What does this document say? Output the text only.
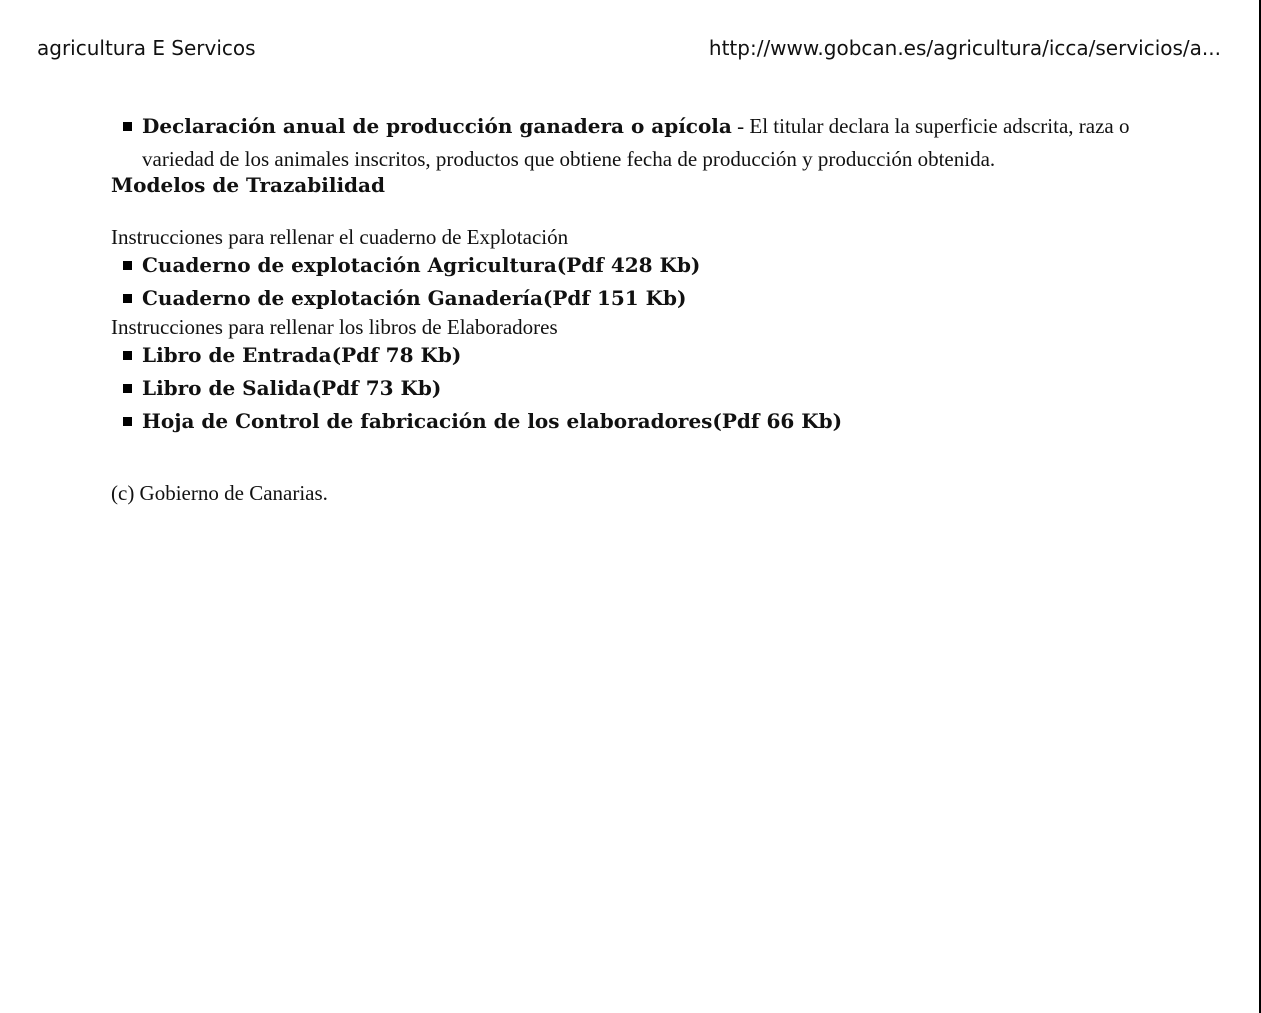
agricultura E Servicos	http://www.gobcan.es/agricultura/icca/servicios/a...
Declaración anual de producción ganadera o apícola - El titular declara la superficie adscrita, raza o variedad de los animales inscritos, productos que obtiene fecha de producción y producción obtenida.
Modelos de Trazabilidad
Instrucciones para rellenar el cuaderno de Explotación
Cuaderno de explotación Agricultura(Pdf 428 Kb)
Cuaderno de explotación Ganadería(Pdf 151 Kb)
Instrucciones para rellenar los libros de Elaboradores
Libro de Entrada(Pdf 78 Kb)
Libro de Salida(Pdf 73 Kb)
Hoja de Control de fabricación de los elaboradores(Pdf 66 Kb)
(c) Gobierno de Canarias.
